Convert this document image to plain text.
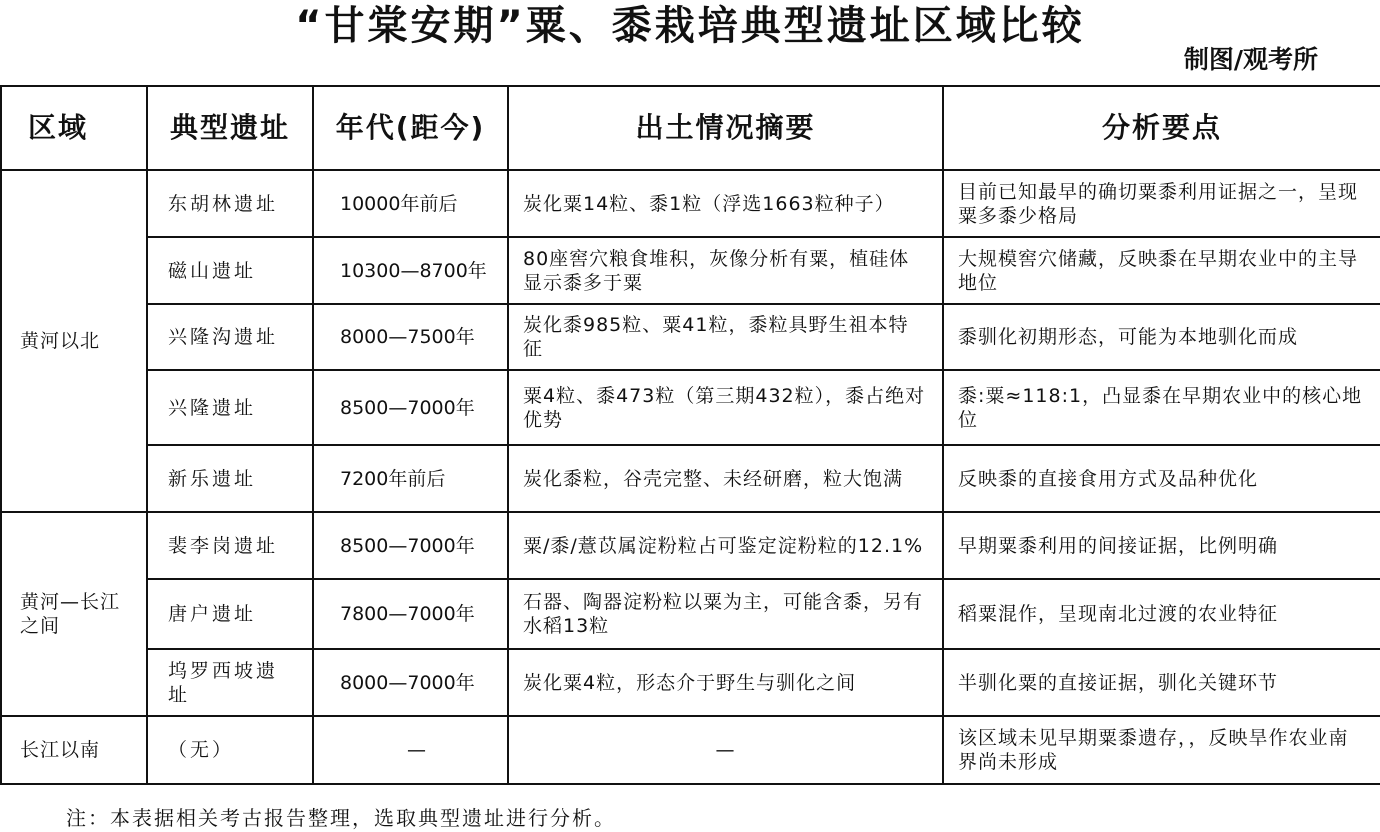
“甘棠安期”粟、黍栽培典型遗址区域比较
制图/观考所
区域	典型遗址	年代(距今)	出土情况摘要	分析要点
黄河以北	东胡林遗址	10000年前后	炭化粟14粒、黍1粒（浮选1663粒种子）	目前已知最早的确切粟黍利用证据之一，呈现粟多黍少格局
	磁山遗址	10300—8700年	80座窖穴粮食堆积，灰像分析有粟，植硅体显示黍多于粟	大规模窖穴储藏，反映黍在早期农业中的主导地位
	兴隆沟遗址	8000—7500年	炭化黍985粒、粟41粒，黍粒具野生祖本特征	黍驯化初期形态，可能为本地驯化而成
	兴隆遗址	8500—7000年	粟4粒、黍473粒（第三期432粒），黍占绝对优势	黍:粟≈118:1，凸显黍在早期农业中的核心地位
	新乐遗址	7200年前后	炭化黍粒，谷壳完整、未经研磨，粒大饱满	反映黍的直接食用方式及品种优化
黄河—长江之间	裴李岗遗址	8500—7000年	粟/黍/薏苡属淀粉粒占可鉴定淀粉粒的12.1%	早期粟黍利用的间接证据，比例明确
	唐户遗址	7800—7000年	石器、陶器淀粉粒以粟为主，可能含黍，另有水稻13粒	稻粟混作，呈现南北过渡的农业特征
	坞罗西坡遗址	8000—7000年	炭化粟4粒，形态介于野生与驯化之间	半驯化粟的直接证据，驯化关键环节
长江以南	（无）	—	—	该区域未见早期粟黍遗存，，反映旱作农业南界尚未形成
注：本表据相关考古报告整理，选取典型遗址进行分析。
